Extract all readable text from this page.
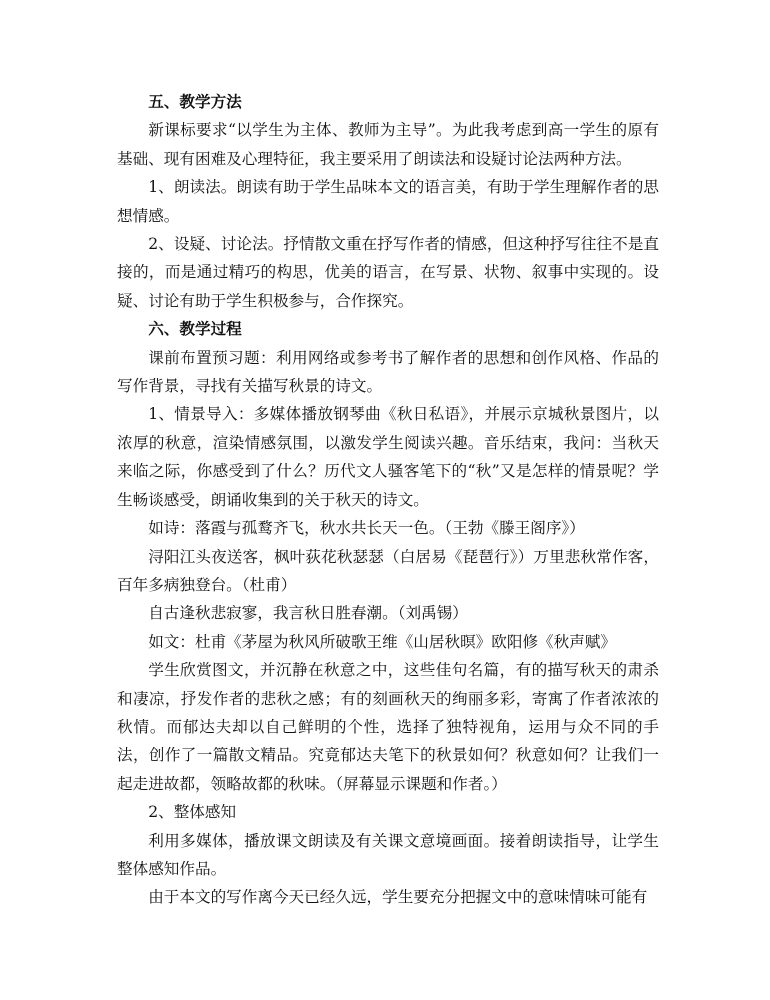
五、教学方法

新课标要求“以学生为主体、教师为主导”。为此我考虑到高一学生的原有基础、现有困难及心理特征，我主要采用了朗读法和设疑讨论法两种方法。

1、朗读法。朗读有助于学生品味本文的语言美，有助于学生理解作者的思想情感。

2、设疑、讨论法。抒情散文重在抒写作者的情感，但这种抒写往往不是直接的，而是通过精巧的构思，优美的语言，在写景、状物、叙事中实现的。设疑、讨论有助于学生积极参与，合作探究。

六、教学过程

课前布置预习题：利用网络或参考书了解作者的思想和创作风格、作品的写作背景，寻找有关描写秋景的诗文。

1、情景导入：多媒体播放钢琴曲《秋日私语》，并展示京城秋景图片，以浓厚的秋意，渲染情感氛围，以激发学生阅读兴趣。音乐结束，我问：当秋天来临之际，你感受到了什么？历代文人骚客笔下的“秋”又是怎样的情景呢？学生畅谈感受，朗诵收集到的关于秋天的诗文。

如诗：落霞与孤鹜齐飞，秋水共长天一色。（王勃《滕王阁序》）

浔阳江头夜送客，枫叶荻花秋瑟瑟（白居易《琵琶行》）万里悲秋常作客，百年多病独登台。（杜甫）

自古逢秋悲寂寥，我言秋日胜春潮。（刘禹锡）

如文：杜甫《茅屋为秋风所破歌王维《山居秋暝》欧阳修《秋声赋》

学生欣赏图文，并沉静在秋意之中，这些佳句名篇，有的描写秋天的肃杀和凄凉，抒发作者的悲秋之感；有的刻画秋天的绚丽多彩，寄寓了作者浓浓的秋情。而郁达夫却以自己鲜明的个性，选择了独特视角，运用与众不同的手法，创作了一篇散文精品。究竟郁达夫笔下的秋景如何？秋意如何？让我们一起走进故都，领略故都的秋味。（屏幕显示课题和作者。）

2、整体感知

利用多媒体，播放课文朗读及有关课文意境画面。接着朗读指导，让学生整体感知作品。

由于本文的写作离今天已经久远，学生要充分把握文中的意味情味可能有
